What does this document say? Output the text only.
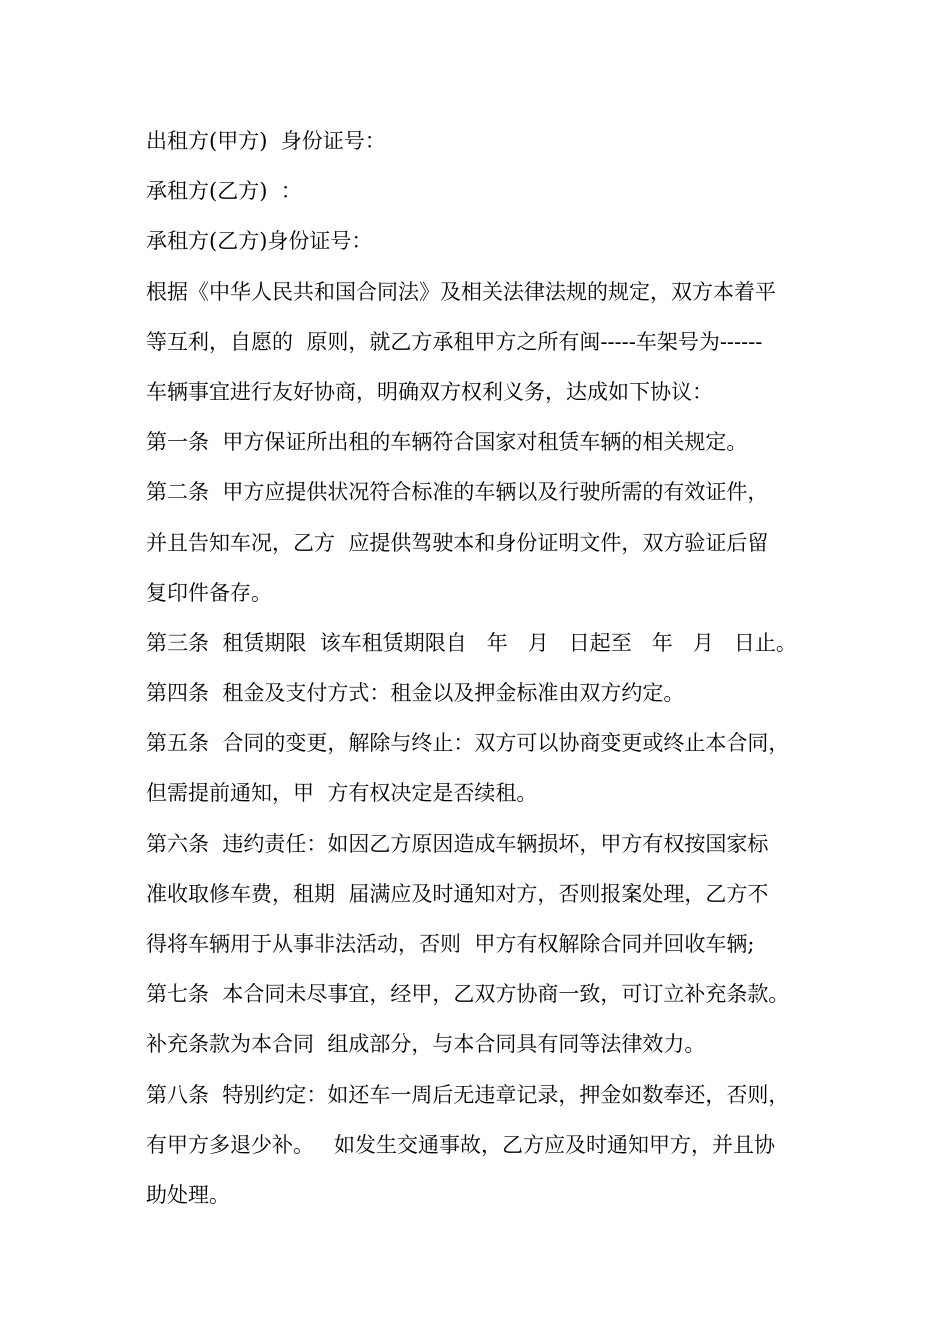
出租方(甲方)  身份证号：
承租方(乙方)  ：
承租方(乙方)身份证号：
根据《中华人民共和国合同法》及相关法律法规的规定，双方本着平
等互利，自愿的  原则，就乙方承租甲方之所有闽-----车架号为------
车辆事宜进行友好协商，明确双方权利义务，达成如下协议：
第一条  甲方保证所出租的车辆符合国家对租赁车辆的相关规定。
第二条  甲方应提供状况符合标准的车辆以及行驶所需的有效证件，
并且告知车况，乙方  应提供驾驶本和身份证明文件，双方验证后留
复印件备存。
第三条  租赁期限  该车租赁期限自   年   月   日起至   年   月   日止。
第四条  租金及支付方式：租金以及押金标准由双方约定。
第五条  合同的变更，解除与终止：双方可以协商变更或终止本合同，
但需提前通知，甲  方有权决定是否续租。
第六条  违约责任：如因乙方原因造成车辆损坏，甲方有权按国家标
准收取修车费，租期  届满应及时通知对方，否则报案处理，乙方不
得将车辆用于从事非法活动，否则  甲方有权解除合同并回收车辆;
第七条  本合同未尽事宜，经甲，乙双方协商一致，可订立补充条款。
补充条款为本合同  组成部分，与本合同具有同等法律效力。
第八条  特别约定：如还车一周后无违章记录，押金如数奉还，否则，
有甲方多退少补。   如发生交通事故，乙方应及时通知甲方，并且协
助处理。
